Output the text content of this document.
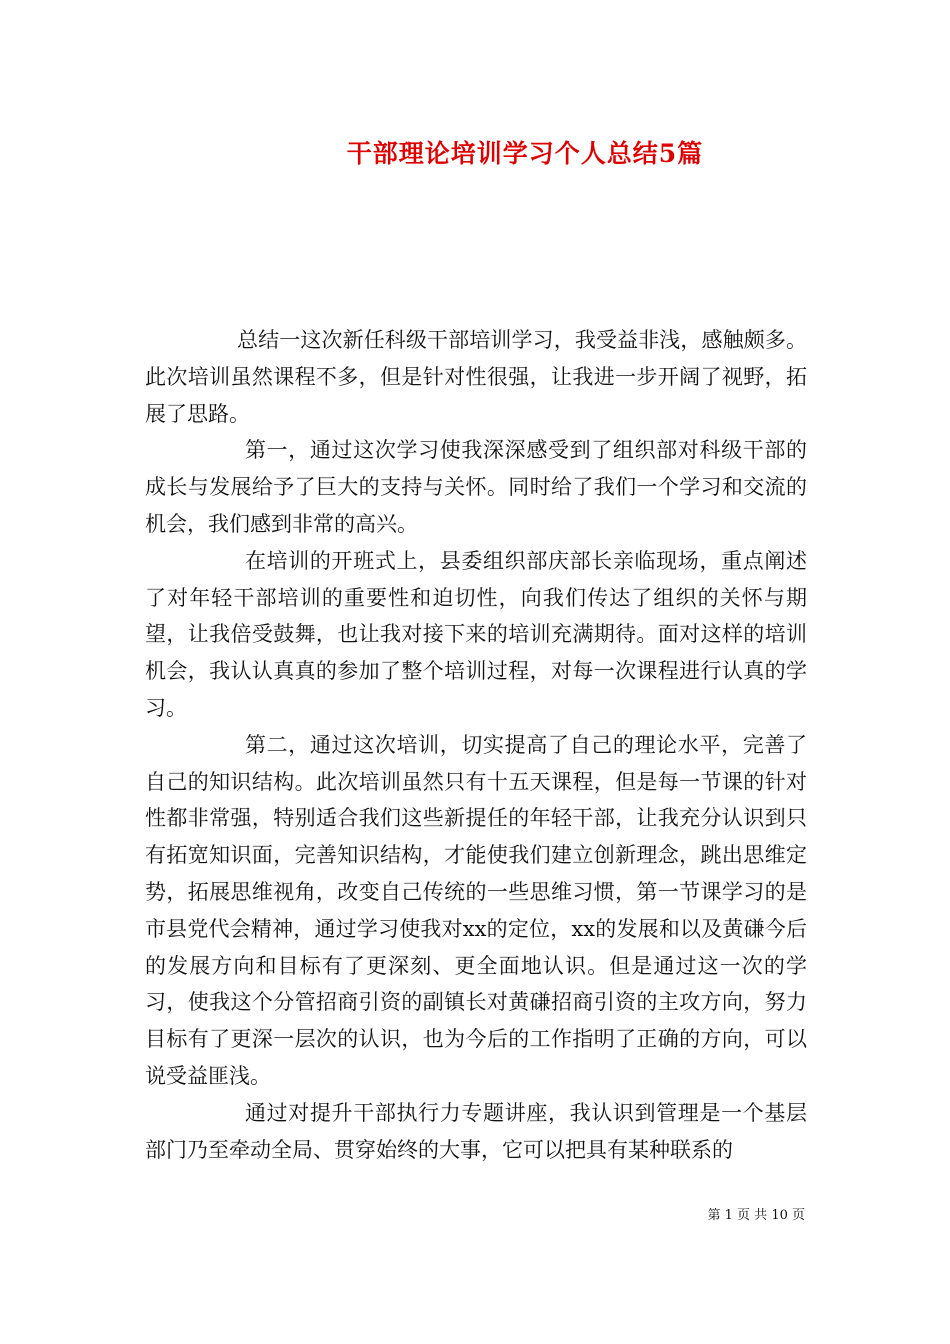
干部理论培训学习个人总结5篇

总结一这次新任科级干部培训学习，我受益非浅，感触颇多。此次培训虽然课程不多，但是针对性很强，让我进一步开阔了视野，拓展了思路。

第一，通过这次学习使我深深感受到了组织部对科级干部的成长与发展给予了巨大的支持与关怀。同时给了我们一个学习和交流的机会，我们感到非常的高兴。

在培训的开班式上，县委组织部庆部长亲临现场，重点阐述了对年轻干部培训的重要性和迫切性，向我们传达了组织的关怀与期望，让我倍受鼓舞，也让我对接下来的培训充满期待。面对这样的培训机会，我认认真真的参加了整个培训过程，对每一次课程进行认真的学习。

第二，通过这次培训，切实提高了自己的理论水平，完善了自己的知识结构。此次培训虽然只有十五天课程，但是每一节课的针对性都非常强，特别适合我们这些新提任的年轻干部，让我充分认识到只有拓宽知识面，完善知识结构，才能使我们建立创新理念，跳出思维定势，拓展思维视角，改变自己传统的一些思维习惯，第一节课学习的是市县党代会精神，通过学习使我对xx的定位，xx的发展和以及黄磏今后的发展方向和目标有了更深刻、更全面地认识。但是通过这一次的学习，使我这个分管招商引资的副镇长对黄磏招商引资的主攻方向，努力目标有了更深一层次的认识，也为今后的工作指明了正确的方向，可以说受益匪浅。

通过对提升干部执行力专题讲座，我认识到管理是一个基层部门乃至牵动全局、贯穿始终的大事，它可以把具有某种联系的

第 1 页 共 10 页
